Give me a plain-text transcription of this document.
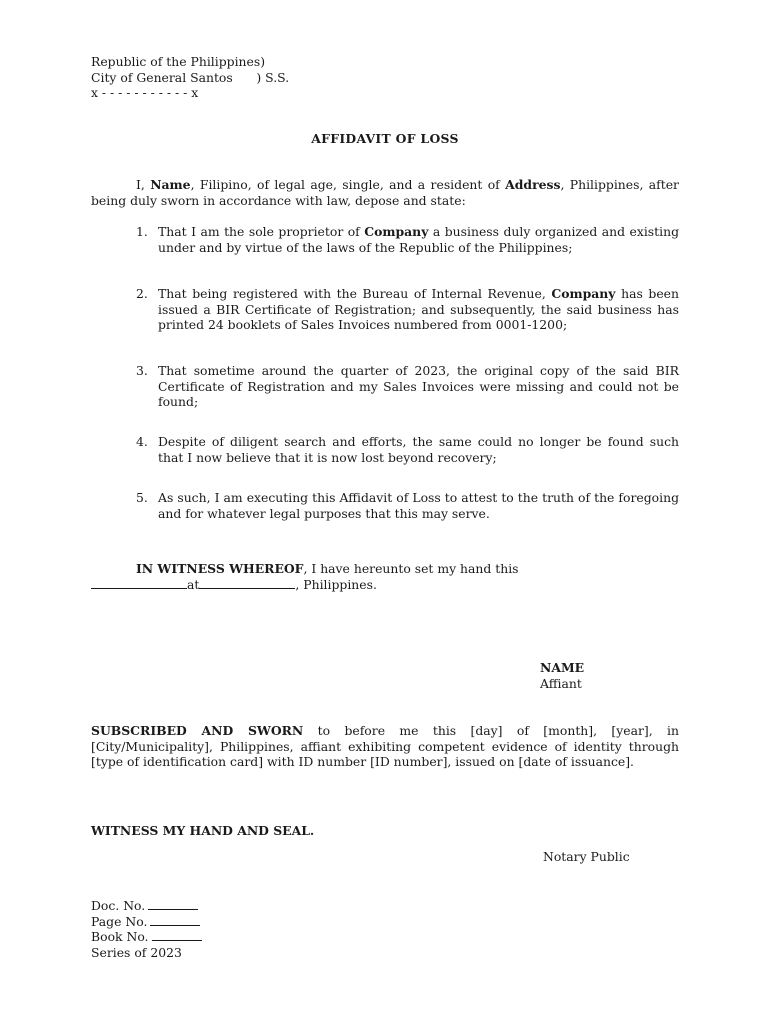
Republic of the Philippines)
City of General Santos      ) S.S.
x - - - - - - - - - - - x
AFFIDAVIT OF LOSS

I, Name, Filipino, of legal age, single, and a resident of Address, Philippines, after being duly sworn in accordance with law, depose and state:

1. That I am the sole proprietor of Company a business duly organized and existing under and by virtue of the laws of the Republic of the Philippines;
2. That being registered with the Bureau of Internal Revenue, Company has been issued a BIR Certificate of Registration; and subsequently, the said business has printed 24 booklets of Sales Invoices numbered from 0001-1200;
3. That sometime around the quarter of 2023, the original copy of the said BIR Certificate of Registration and my Sales Invoices were missing and could not be found;
4. Despite of diligent search and efforts, the same could no longer be found such that I now believe that it is now lost beyond recovery;
5. As such, I am executing this Affidavit of Loss to attest to the truth of the foregoing and for whatever legal purposes that this may serve.

IN WITNESS WHEREOF, I have hereunto set my hand this
at	, Philippines.

NAME
Affiant

SUBSCRIBED AND SWORN to before me this [day] of [month], [year], in [City/Municipality], Philippines, affiant exhibiting competent evidence of identity through [type of identification card] with ID number [ID number], issued on [date of issuance].

WITNESS MY HAND AND SEAL.
Notary Public
Doc. No.
Page No.
Book No.
Series of 2023
